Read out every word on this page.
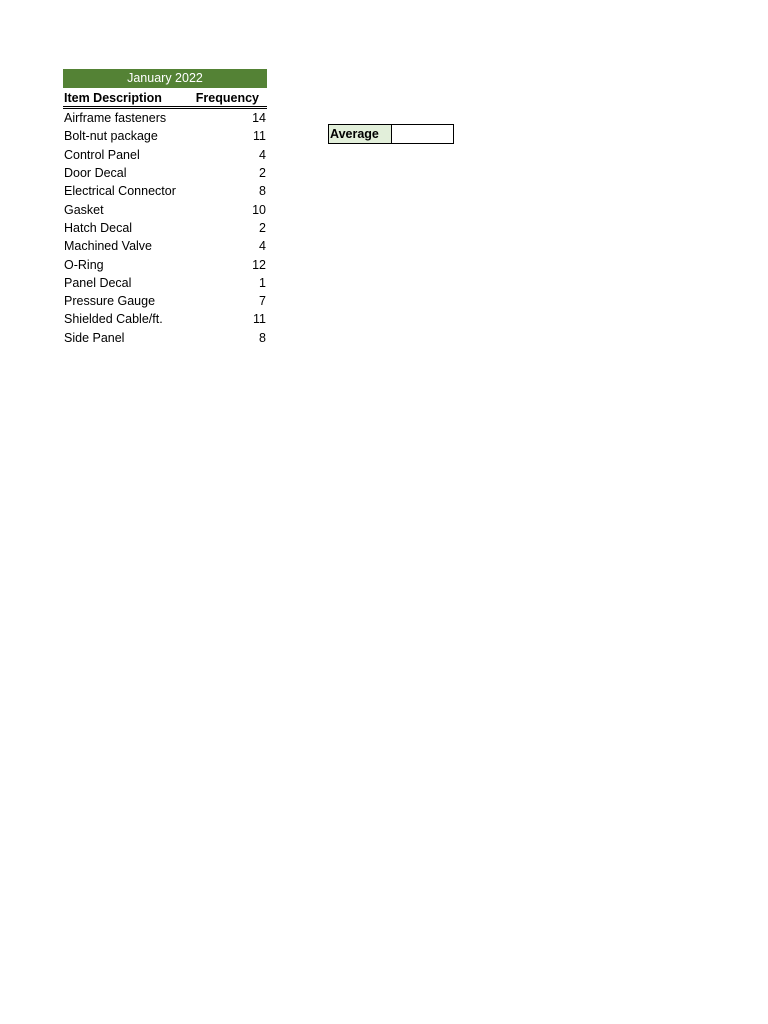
January 2022
Item Description	Frequency
Airframe fasteners	14
Bolt-nut package	11
Control Panel	4
Door Decal	2
Electrical Connector	8
Gasket	10
Hatch Decal	2
Machined Valve	4
O-Ring	12
Panel Decal	1
Pressure Gauge	7
Shielded Cable/ft.	11
Side Panel	8
Average
